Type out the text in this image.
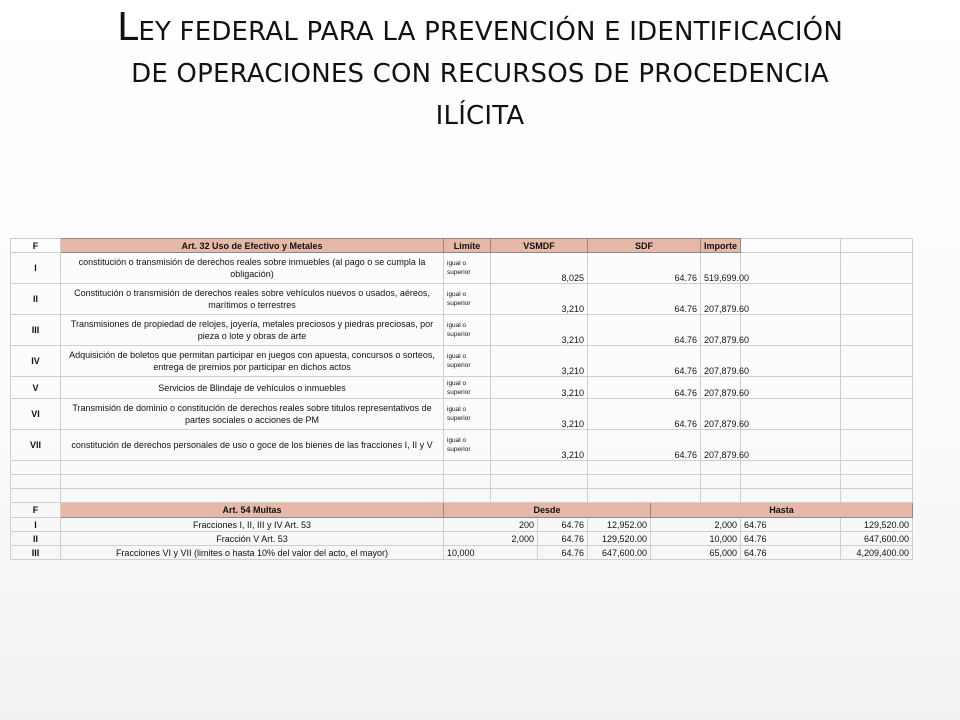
LEY FEDERAL PARA LA PREVENCIÓN E IDENTIFICACIÓN
DE OPERACIONES CON RECURSOS DE PROCEDENCIA
ILÍCITA
F	Art. 32 Uso de Efectivo y Metales	Limite	VSMDF		SDF		Importe		
I	constitución o transmisión de derechos reales sobre inmuebles (al pago o se cumpla la obligación)	igual o superior	8,025		64.76		519,699.00		
II	Constitución o transmisión de derechos reales sobre vehículos nuevos o usados, aéreos, marítimos o terrestres	igual o superior	3,210		64.76		207,879.60		
III	Transmisiones de propiedad de relojes, joyería, metales preciosos y piedras preciosas, por pieza o lote y obras de arte	igual o superior	3,210		64.76		207,879.60		
IV	Adquisición de boletos que permitan participar en juegos con apuesta, concursos o sorteos, entrega de premios por participar en dichos actos	igual o superior	3,210		64.76		207,879.60		
V	Servicios de Blindaje de vehículos o inmuebles	igual o superior	3,210		64.76		207,879.60		
VI	Transmisión de dominio o constitución de derechos reales sobre titulos representativos de partes sociales o acciones de PM	igual o superior	3,210		64.76		207,879.60		
VII	constitución de derechos personales de uso o goce de los bienes de las fracciones I, II y V	igual o superior	3,210		64.76		207,879.60		

F	Art. 54 Multas	Desde				Hasta			
I	Fracciones I, II, III y IV Art. 53	200		64.76	12,952.00	2,000		64.76	129,520.00
II	Fracción V Art. 53	2,000		64.76	129,520.00	10,000		64.76	647,600.00
III	Fracciones VI y VII (limites o hasta 10% del valor del acto, el mayor)	10,000		64.76	647,600.00	65,000		64.76	4,209,400.00
